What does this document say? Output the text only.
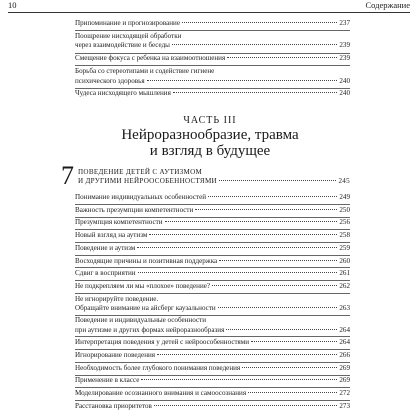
10	Содержание
Припоминание и прогнозирование	237
Поощрение нисходящей обработки
через взаимодействие и беседы	239
Смещение фокуса с ребенка на взаимоотношения	239
Борьба со стереотипами и содействие гигиене
психического здоровья	240
Чудеса нисходящего мышления	240
ЧАСТЬ III
Нейроразнообразие, травма
и взгляд в будущее
7 ПОВЕДЕНИЕ ДЕТЕЙ С АУТИЗМОМ
И ДРУГИМИ НЕЙРООСОБЕННОСТЯМИ	245
Понимание индивидуальных особенностей	249
Важность презумпции компетентности	250
Презумпция компетентности	256
Новый взгляд на аутизм	258
Поведение и аутизм	259
Восходящие причины и позитивная поддержка	260
Сдвиг в восприятии	261
Не подкрепляем ли мы «плохое» поведение?	262
Не игнорируйте поведение.
Обращайте внимание на айсберг каузальности	263
Поведение и индивидуальные особенности
при аутизме и других формах нейроразнообразия	264
Интерпретация поведения у детей с нейроособенностями	264
Игнорирование поведения	266
Необходимость более глубокого понимания поведения	269
Применение в классе	269
Моделирование осознанного внимания и самоосознания	272
Расстановка приоритетов	273
